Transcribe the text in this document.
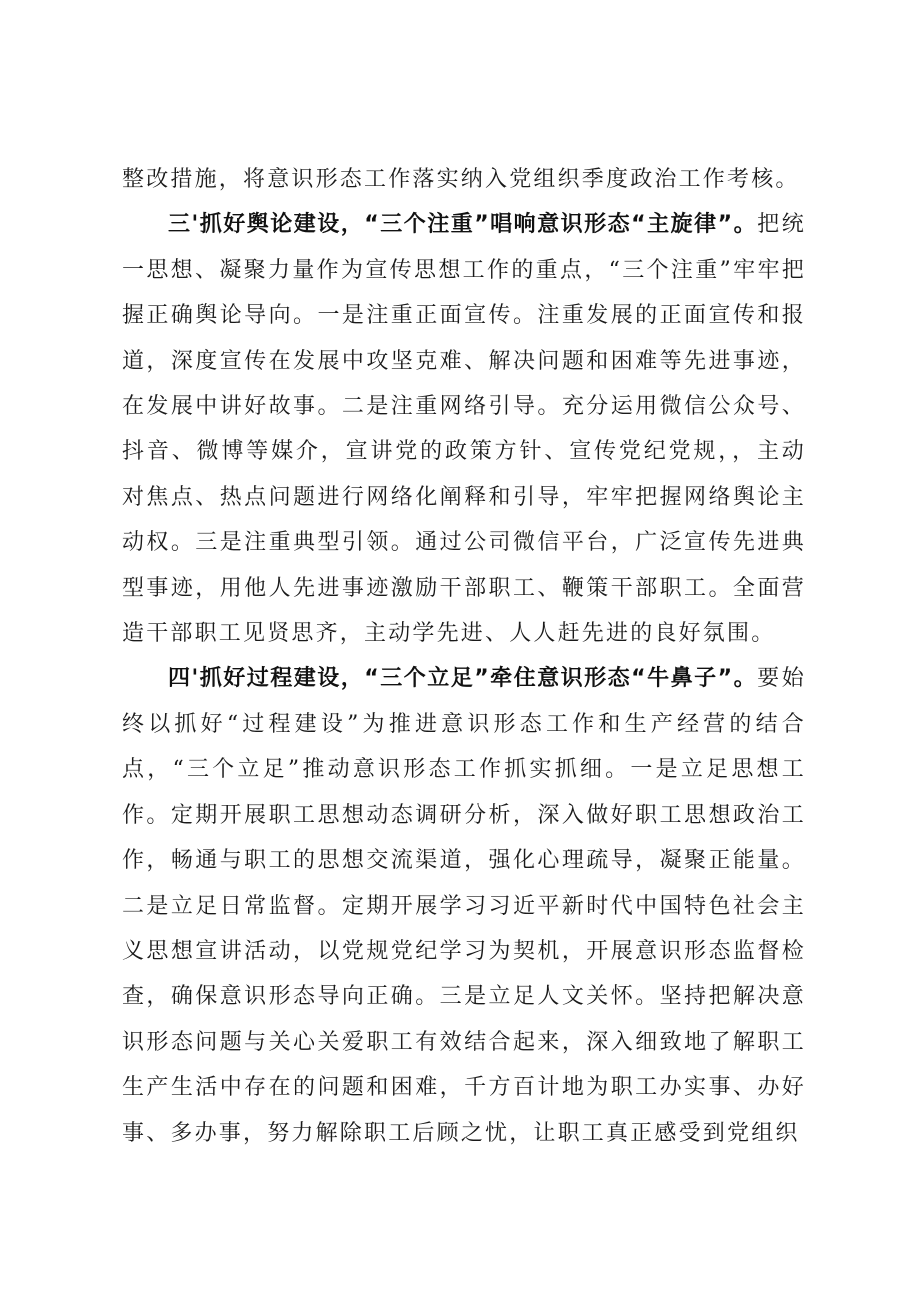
整改措施，将意识形态工作落实纳入党组织季度政治工作考核。

三'抓好舆论建设，“三个注重”唱响意识形态“主旋律”。把统一思想、凝聚力量作为宣传思想工作的重点，“三个注重”牢牢把握正确舆论导向。一是注重正面宣传。注重发展的正面宣传和报道，深度宣传在发展中攻坚克难、解决问题和困难等先进事迹，在发展中讲好故事。二是注重网络引导。充分运用微信公众号、抖音、微博等媒介，宣讲党的政策方针、宣传党纪党规，，主动对焦点、热点问题进行网络化阐释和引导，牢牢把握网络舆论主动权。三是注重典型引领。通过公司微信平台，广泛宣传先进典型事迹，用他人先进事迹激励干部职工、鞭策干部职工。全面营造干部职工见贤思齐，主动学先进、人人赶先进的良好氛围。

四'抓好过程建设，“三个立足”牵住意识形态“牛鼻子”。要始终以抓好“过程建设”为推进意识形态工作和生产经营的结合点，“三个立足”推动意识形态工作抓实抓细。一是立足思想工作。定期开展职工思想动态调研分析，深入做好职工思想政治工作，畅通与职工的思想交流渠道，强化心理疏导，凝聚正能量。二是立足日常监督。定期开展学习习近平新时代中国特色社会主义思想宣讲活动，以党规党纪学习为契机，开展意识形态监督检查，确保意识形态导向正确。三是立足人文关怀。坚持把解决意识形态问题与关心关爱职工有效结合起来，深入细致地了解职工生产生活中存在的问题和困难，千方百计地为职工办实事、办好事、多办事，努力解除职工后顾之忧，让职工真正感受到党组织
